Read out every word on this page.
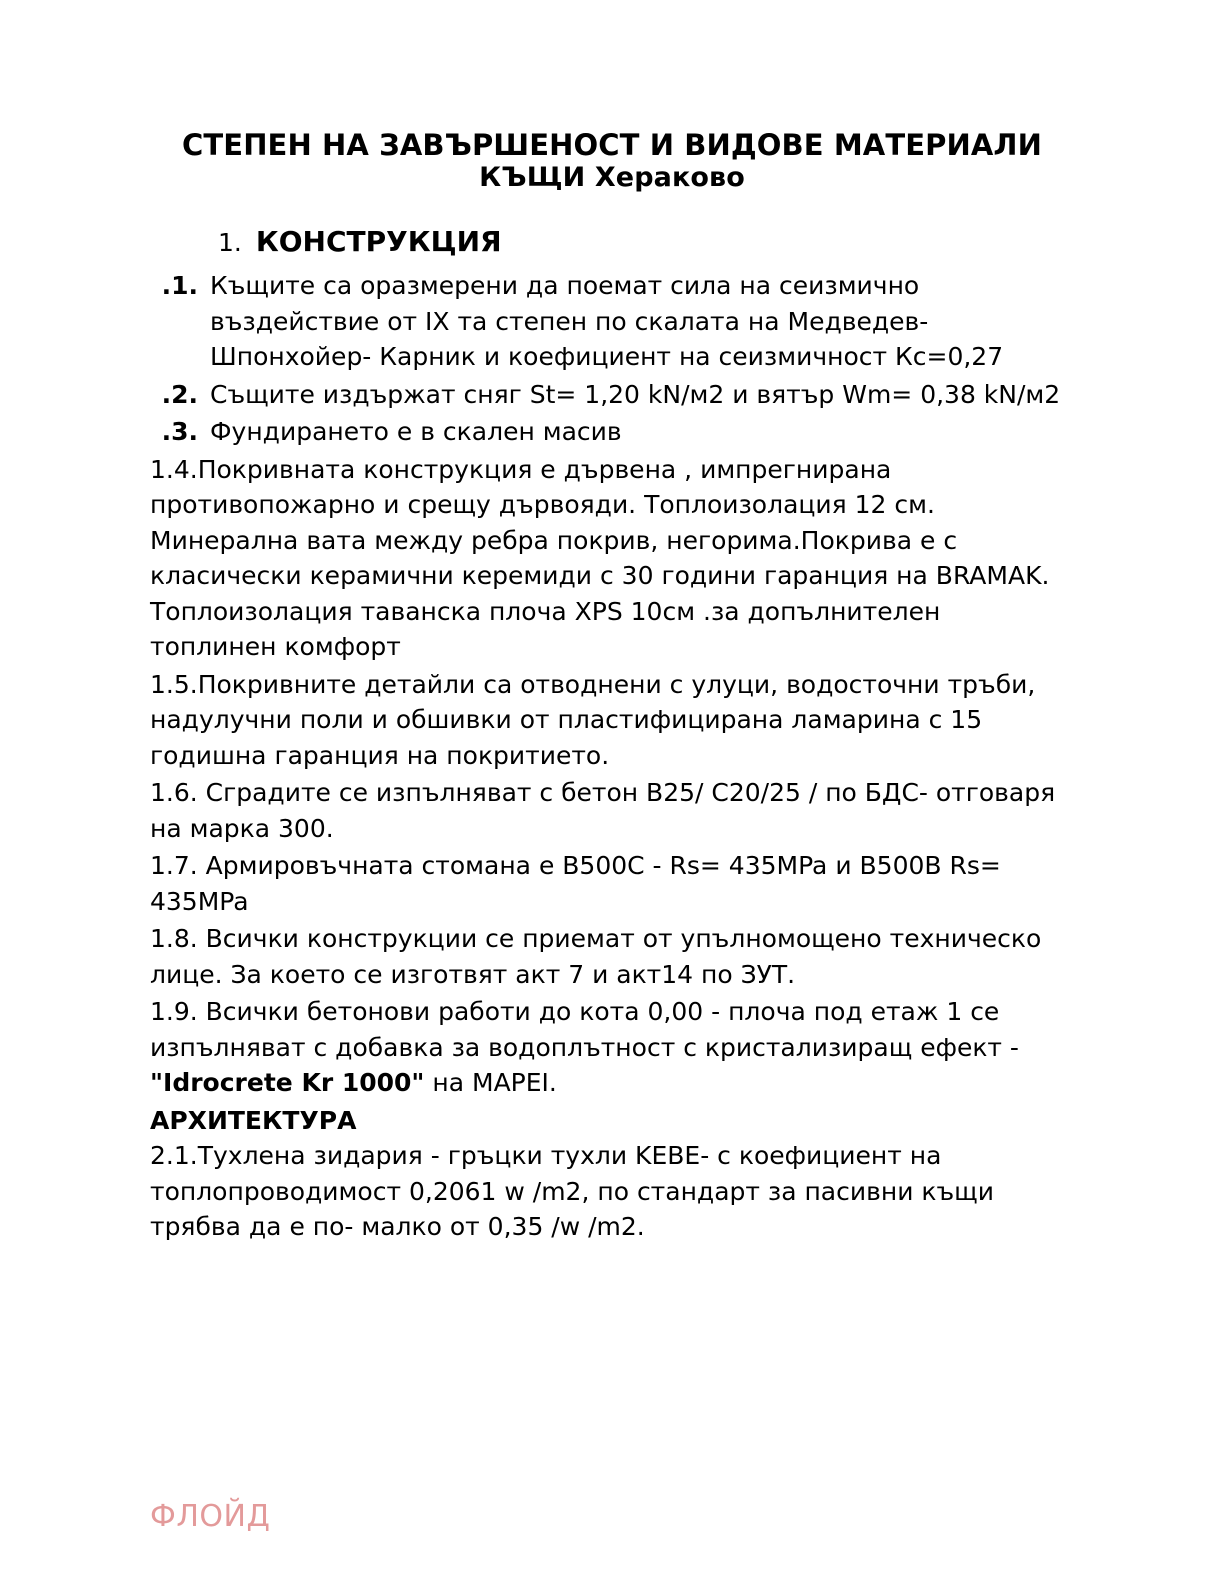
СТЕПЕН НА ЗАВЪРШЕНОСТ И ВИДОВЕ МАТЕРИАЛИ
КЪЩИ Хераково
1. КОНСТРУКЦИЯ
.1. Къщите са оразмерени да поемат сила на сеизмично въздействие от IX та степен по скалата на Медведев-Шпонхойер- Карник и коефициент на сеизмичност Кс=0,27
.2. Същите издържат сняг St= 1,20 kN/м2 и вятър Wm= 0,38 kN/м2
.3. Фундирането е в скален масив

1.4.Покривната конструкция е дървена , импрегнирана противопожарно и срещу дървояди. Топлоизолация 12 см. Минерална вата между ребра покрив, негорима.Покрива е с класически керамични керемиди с 30 години гаранция на BRAMAK. Топлоизолация таванска плоча XPS 10см .за допълнителен топлинен комфорт

1.5.Покривните детайли са отводнени с улуци, водосточни тръби, надулучни поли и обшивки от пластифицирана ламарина с 15 годишна гаранция на покритието.

1.6. Сградите се изпълняват с бетон B25/ C20/25 / по БДС- отговаря на марка 300.

1.7. Армировъчната стомана е B500C - Rs= 435MPa и B500B Rs= 435MPa

1.8. Всички конструкции се приемат от упълномощено техническо лице. За което се изготвят акт 7 и акт14 по ЗУТ.

1.9. Всички бетонови работи до кота 0,00 - плоча под етаж 1 се изпълняват с добавка за водоплътност с кристализиращ ефект - "Idrocrete Kr 1000" на MAPEI.

АРХИТЕКТУРА

2.1.Тухлена зидария - гръцки тухли KEBE- с коефициент на топлопроводимост 0,2061 w /m2, по стандарт за пасивни къщи трябва да е по- малко от 0,35 /w /m2.

ФЛОЙД
